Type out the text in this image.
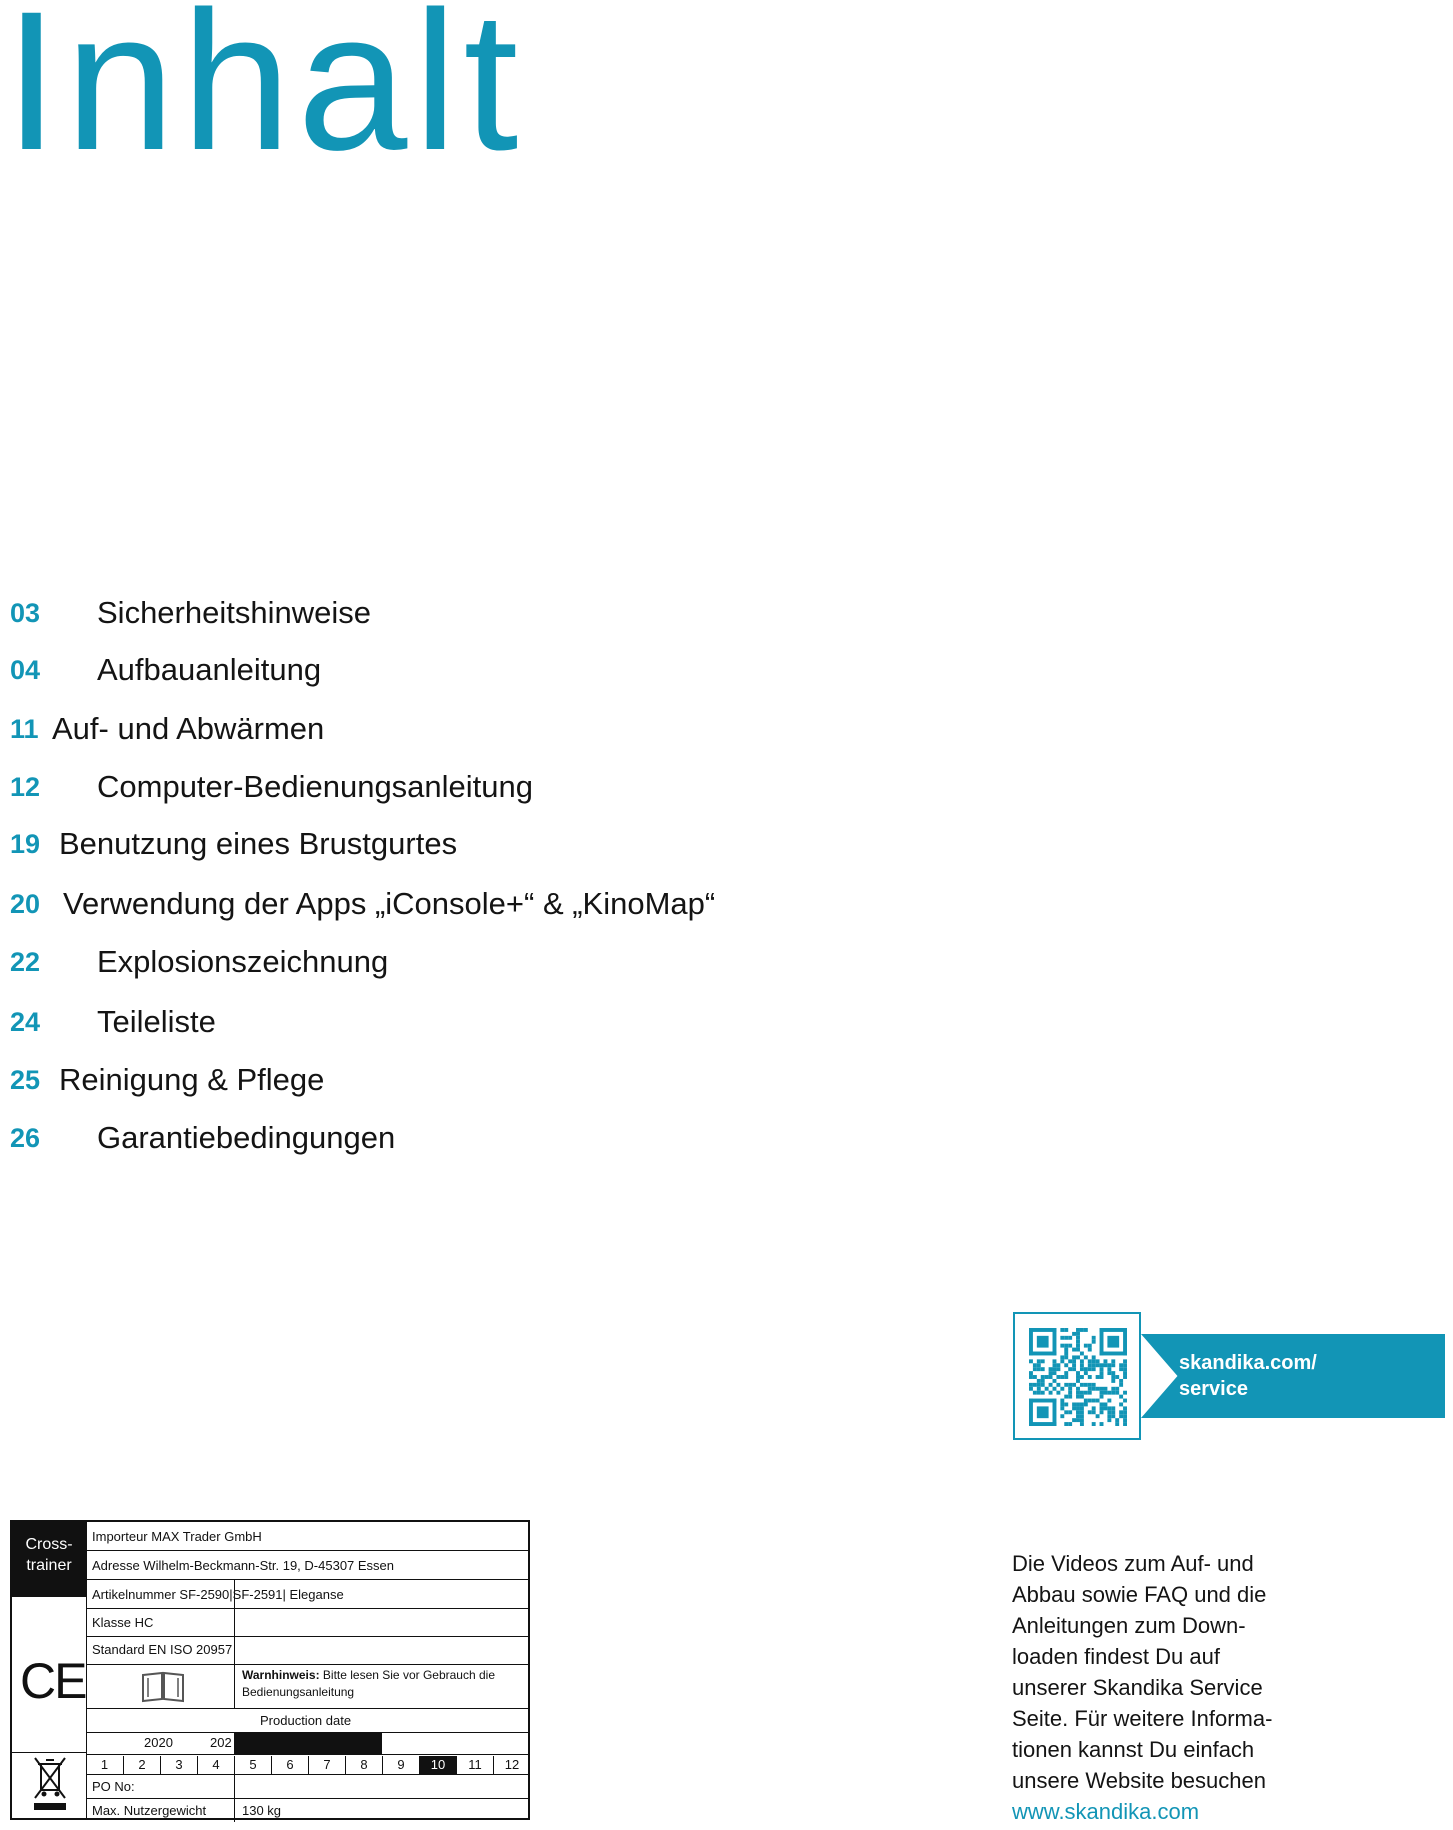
Inhalt
03 Sicherheitshinweise
04 Aufbauanleitung
11 Auf- und Abwärmen
12 Computer-Bedienungsanleitung
19 Benutzung eines Brustgurtes
20 Verwendung der Apps „iConsole+“ & „KinoMap“
22 Explosionszeichnung
24 Teileliste
25 Reinigung & Pflege
26 Garantiebedingungen
skandika.com/
service
Die Videos zum Auf- und
Abbau sowie FAQ und die
Anleitungen zum Down-
loaden findest Du auf
unserer Skandika Service
Seite. Für weitere Informa-
tionen kannst Du einfach
unsere Website besuchen
www.skandika.com
Cross-
trainer
CE
Importeur MAX Trader GmbH
Adresse Wilhelm-Beckmann-Str. 19, D-45307 Essen
Artikelnummer SF-2590|SF-2591| Eleganse
Klasse HC
Standard EN ISO 20957
Warnhinweis: Bitte lesen Sie vor Gebrauch die
Bedienungsanleitung
Production date
2020	202
1	2	3	4	5	6	7	8	9	10	11	12
PO No:
Max. Nutzergewicht	130 kg
